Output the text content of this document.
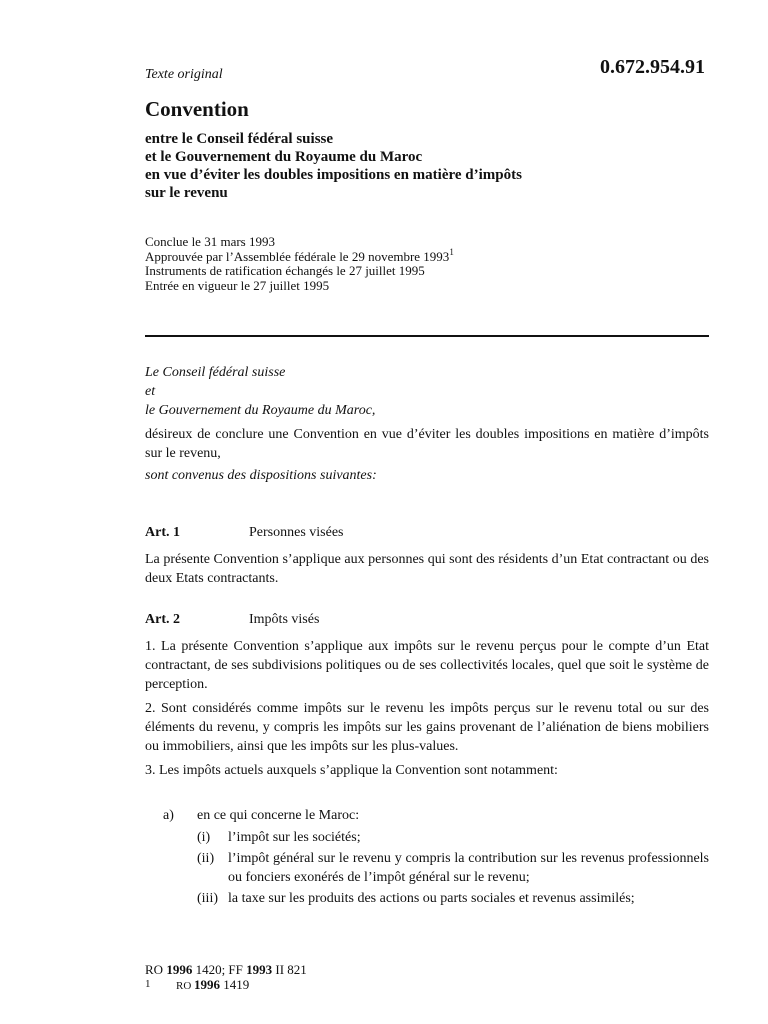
0.672.954.91
Texte original
Convention
entre le Conseil fédéral suisse
et le Gouvernement du Royaume du Maroc
en vue d’éviter les doubles impositions en matière d’impôts
sur le revenu
Conclue le 31 mars 1993
Approuvée par l’Assemblée fédérale le 29 novembre 1993$^1$
Instruments de ratification échangés le 27 juillet 1995
Entrée en vigueur le 27 juillet 1995
Le Conseil fédéral suisse
et
le Gouvernement du Royaume du Maroc,
désireux de conclure une Convention en vue d’éviter les doubles impositions en matière d’impôts sur le revenu,
sont convenus des dispositions suivantes:
Art. 1	Personnes visées

La présente Convention s’applique aux personnes qui sont des résidents d’un Etat contractant ou des deux Etats contractants.

Art. 2	Impôts visés

1. La présente Convention s’applique aux impôts sur le revenu perçus pour le compte d’un Etat contractant, de ses subdivisions politiques ou de ses collectivités locales, quel que soit le système de perception.

2. Sont considérés comme impôts sur le revenu les impôts perçus sur le revenu total ou sur des éléments du revenu, y compris les impôts sur les gains provenant de l’aliénation de biens mobiliers ou immobiliers, ainsi que les impôts sur les plus-values.

3. Les impôts actuels auxquels s’applique la Convention sont notamment:

a)	en ce qui concerne le Maroc:
(i)	l’impôt sur les sociétés;
(ii) l’impôt général sur le revenu y compris la contribution sur les revenus professionnels ou fonciers exonérés de l’impôt général sur le revenu;
(iii) la taxe sur les produits des actions ou parts sociales et revenus assimilés;
RO 1996 1420; FF 1993 II 821
1	RO 1996 1419
